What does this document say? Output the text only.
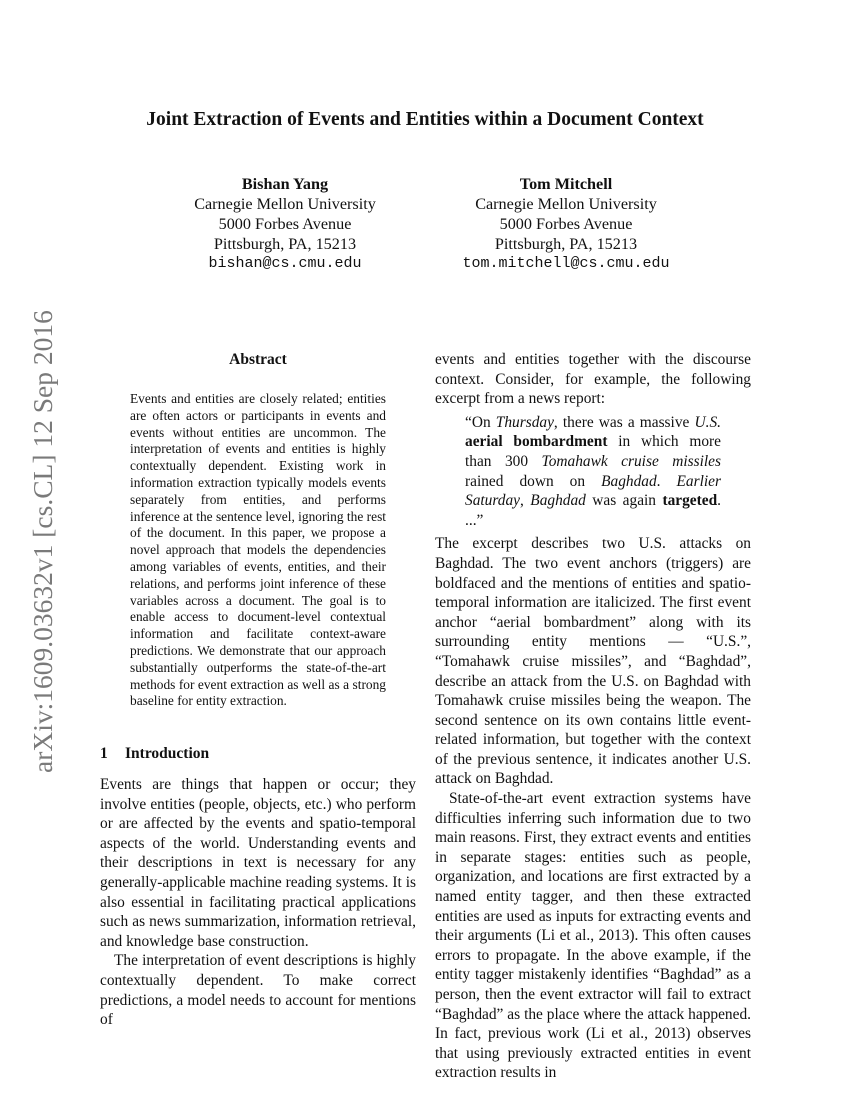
arXiv:1609.03632v1 [cs.CL] 12 Sep 2016
Joint Extraction of Events and Entities within a Document Context
Bishan Yang
Carnegie Mellon University
5000 Forbes Avenue
Pittsburgh, PA, 15213
bishan@cs.cmu.edu
Tom Mitchell
Carnegie Mellon University
5000 Forbes Avenue
Pittsburgh, PA, 15213
tom.mitchell@cs.cmu.edu
Abstract
Events and entities are closely related; entities are often actors or participants in events and events without entities are uncommon. The interpretation of events and entities is highly contextually dependent. Existing work in information extraction typically models events separately from entities, and performs inference at the sentence level, ignoring the rest of the document. In this paper, we propose a novel approach that models the dependencies among variables of events, entities, and their relations, and performs joint inference of these variables across a document. The goal is to enable access to document-level contextual information and facilitate context-aware predictions. We demonstrate that our approach substantially outperforms the state-of-the-art methods for event extraction as well as a strong baseline for entity extraction.
1 Introduction

Events are things that happen or occur; they involve entities (people, objects, etc.) who perform or are affected by the events and spatio-temporal aspects of the world. Understanding events and their descriptions in text is necessary for any generally-applicable machine reading systems. It is also essential in facilitating practical applications such as news summarization, information retrieval, and knowledge base construction.

The interpretation of event descriptions is highly contextually dependent. To make correct predictions, a model needs to account for mentions of

events and entities together with the discourse context. Consider, for example, the following excerpt from a news report:

“On Thursday, there was a massive U.S. aerial bombardment in which more than 300 Tomahawk cruise missiles rained down on Baghdad. Earlier Saturday, Baghdad was again targeted. ...”

The excerpt describes two U.S. attacks on Baghdad. The two event anchors (triggers) are boldfaced and the mentions of entities and spatio-temporal information are italicized. The first event anchor “aerial bombardment” along with its surrounding entity mentions — “U.S.”, “Tomahawk cruise missiles”, and “Baghdad”, describe an attack from the U.S. on Baghdad with Tomahawk cruise missiles being the weapon. The second sentence on its own contains little event-related information, but together with the context of the previous sentence, it indicates another U.S. attack on Baghdad.

State-of-the-art event extraction systems have difficulties inferring such information due to two main reasons. First, they extract events and entities in separate stages: entities such as people, organization, and locations are first extracted by a named entity tagger, and then these extracted entities are used as inputs for extracting events and their arguments (Li et al., 2013). This often causes errors to propagate. In the above example, if the entity tagger mistakenly identifies “Baghdad” as a person, then the event extractor will fail to extract “Baghdad” as the place where the attack happened. In fact, previous work (Li et al., 2013) observes that using previously extracted entities in event extraction results in
